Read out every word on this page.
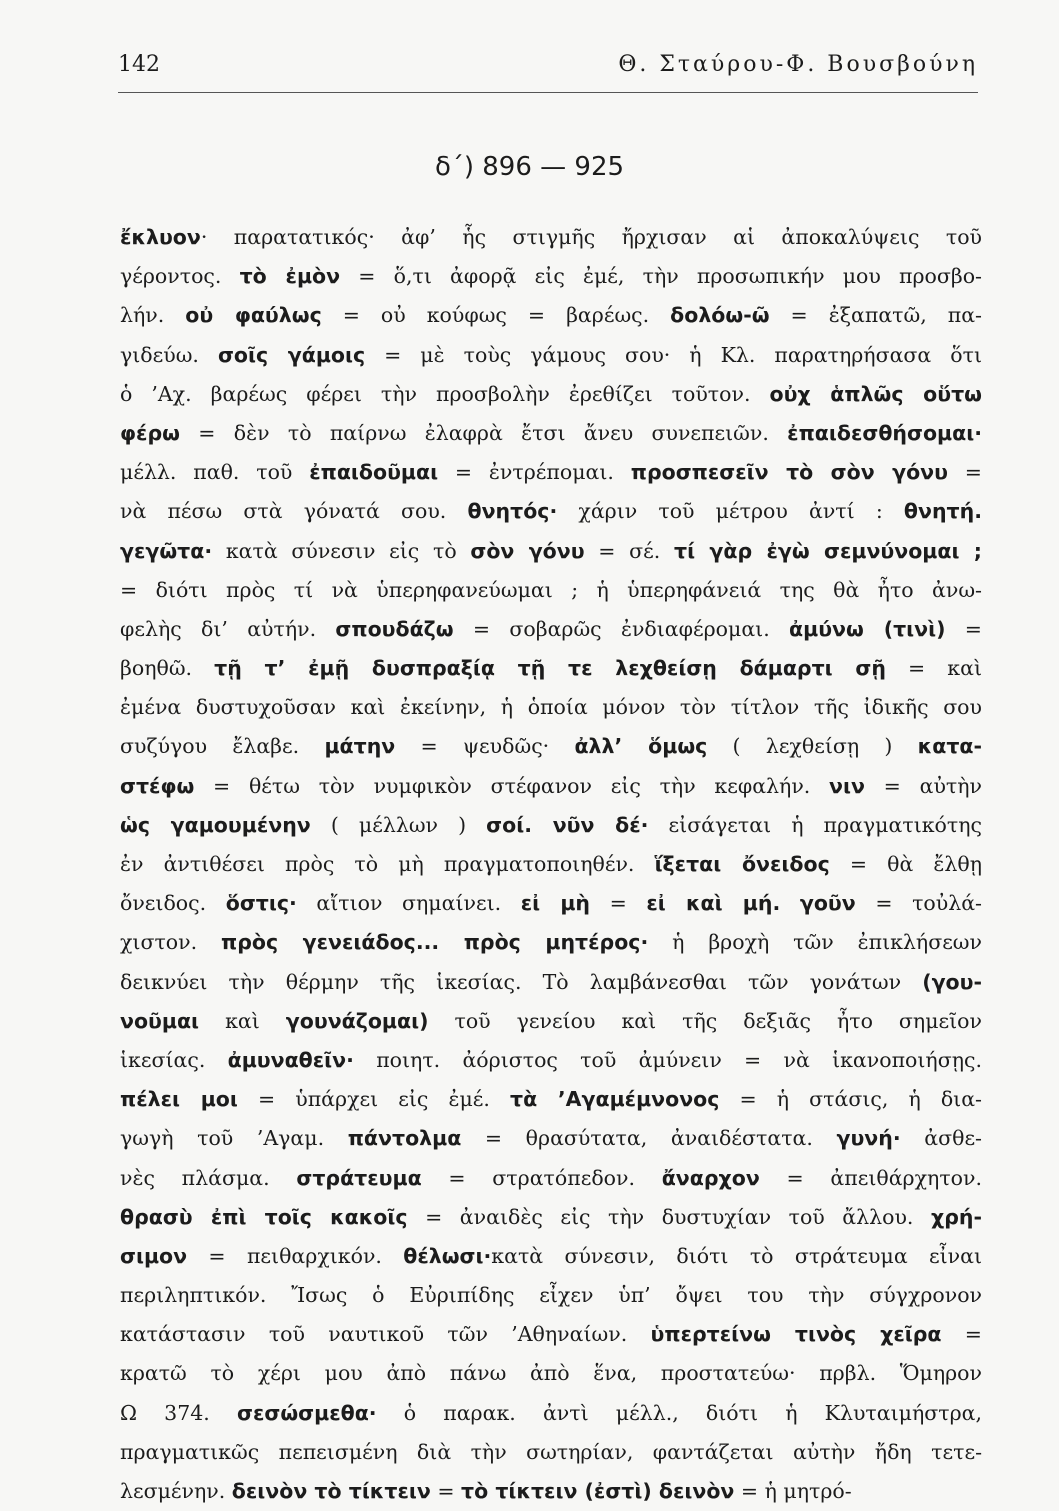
142	Θ. Σταύρου-Φ. Βουσβούνη
δ΄) 896 — 925
ἔκλυον· παρατατικός· ἀφ’ ἧς στιγμῆς ἤρχισαν αἱ ἀποκαλύψεις τοῦ
γέροντος. τὸ ἐμὸν = ὅ,τι ἀφορᾷ εἰς ἐμέ, τὴν προσωπικήν μου προσβο-
λήν. οὐ φαύλως = οὐ κούφως = βαρέως. δολόω-ῶ = ἐξαπατῶ, πα-
γιδεύω. σοῖς γάμοις = μὲ τοὺς γάμους σου· ἡ Κλ. παρατηρήσασα ὅτι
ὁ ’Αχ. βαρέως φέρει τὴν προσβολὴν ἐρεθίζει τοῦτον. οὐχ ἁπλῶς οὕτω
φέρω = δὲν τὸ παίρνω ἐλαφρὰ ἔτσι ἄνευ συνεπειῶν. ἐπαιδεσθήσομαι·
μέλλ. παθ. τοῦ ἐπαιδοῦμαι = ἐντρέπομαι. προσπεσεῖν τὸ σὸν γόνυ =
νὰ πέσω στὰ γόνατά σου. θνητός· χάριν τοῦ μέτρου ἀντί : θνητή.
γεγῶτα· κατὰ σύνεσιν εἰς τὸ σὸν γόνυ = σέ. τί γὰρ ἐγὼ σεμνύνομαι ;
= διότι πρὸς τί νὰ ὑπερηφανεύωμαι ; ἡ ὑπερηφάνειά της θὰ ἦτο ἀνω-
φελὴς δι’ αὐτήν. σπουδάζω = σοβαρῶς ἐνδιαφέρομαι. ἀμύνω (τινὶ) =
βοηθῶ. τῇ τ’ ἐμῇ δυσπραξίᾳ τῇ τε λεχθείσῃ δάμαρτι σῇ = καὶ
ἐμένα δυστυχοῦσαν καὶ ἐκείνην, ἡ ὁποία μόνον τὸν τίτλον τῆς ἰδικῆς σου
συζύγου ἔλαβε. μάτην = ψευδῶς· ἀλλ’ ὅμως ( λεχθείσῃ ) κατα-
στέφω = θέτω τὸν νυμφικὸν στέφανον εἰς τὴν κεφαλήν. νιν = αὐτὴν
ὡς γαμουμένην ( μέλλων ) σοί. νῦν δέ· εἰσάγεται ἡ πραγματικότης
ἐν ἀντιθέσει πρὸς τὸ μὴ πραγματοποιηθέν. ἵξεται ὄνειδος = θὰ ἔλθῃ
ὄνειδος. ὅστις· αἴτιον σημαίνει. εἰ μὴ = εἰ καὶ μή. γοῦν = τοὐλά-
χιστον. πρὸς γενειάδος... πρὸς μητέρος· ἡ βροχὴ τῶν ἐπικλήσεων
δεικνύει τὴν θέρμην τῆς ἱκεσίας. Τὸ λαμβάνεσθαι τῶν γονάτων (γου-
νοῦμαι καὶ γουνάζομαι) τοῦ γενείου καὶ τῆς δεξιᾶς ἦτο σημεῖον
ἱκεσίας. ἀμυναθεῖν· ποιητ. ἀόριστος τοῦ ἀμύνειν = νὰ ἱκανοποιήσῃς.
πέλει μοι = ὑπάρχει εἰς ἐμέ. τὰ ’Αγαμέμνονος = ἡ στάσις, ἡ δια-
γωγὴ τοῦ ’Αγαμ. πάντολμα = θρασύτατα, ἀναιδέστατα. γυνή· ἀσθε-
νὲς πλάσμα. στράτευμα = στρατόπεδον. ἄναρχον = ἀπειθάρχητον.
θρασὺ ἐπὶ τοῖς κακοῖς = ἀναιδὲς εἰς τὴν δυστυχίαν τοῦ ἄλλου. χρή-
σιμον = πειθαρχικόν. θέλωσι·κατὰ σύνεσιν, διότι τὸ στράτευμα εἶναι
περιληπτικόν. Ἴσως ὁ Εὐριπίδης εἶχεν ὑπ’ ὄψει του τὴν σύγχρονον
κατάστασιν τοῦ ναυτικοῦ τῶν ’Αθηναίων. ὑπερτείνω τινὸς χεῖρα =
κρατῶ τὸ χέρι μου ἀπὸ πάνω ἀπὸ ἕνα, προστατεύω· πρβλ. Ὅμηρον
Ω 374. σεσώσμεθα· ὁ παρακ. ἀντὶ μέλλ., διότι ἡ Κλυταιμήστρα,
πραγματικῶς πεπεισμένη διὰ τὴν σωτηρίαν, φαντάζεται αὐτὴν ἤδη τετε-
λεσμένην. δεινὸν τὸ τίκτειν = τὸ τίκτειν (ἐστὶ) δεινὸν = ἡ μητρό-
